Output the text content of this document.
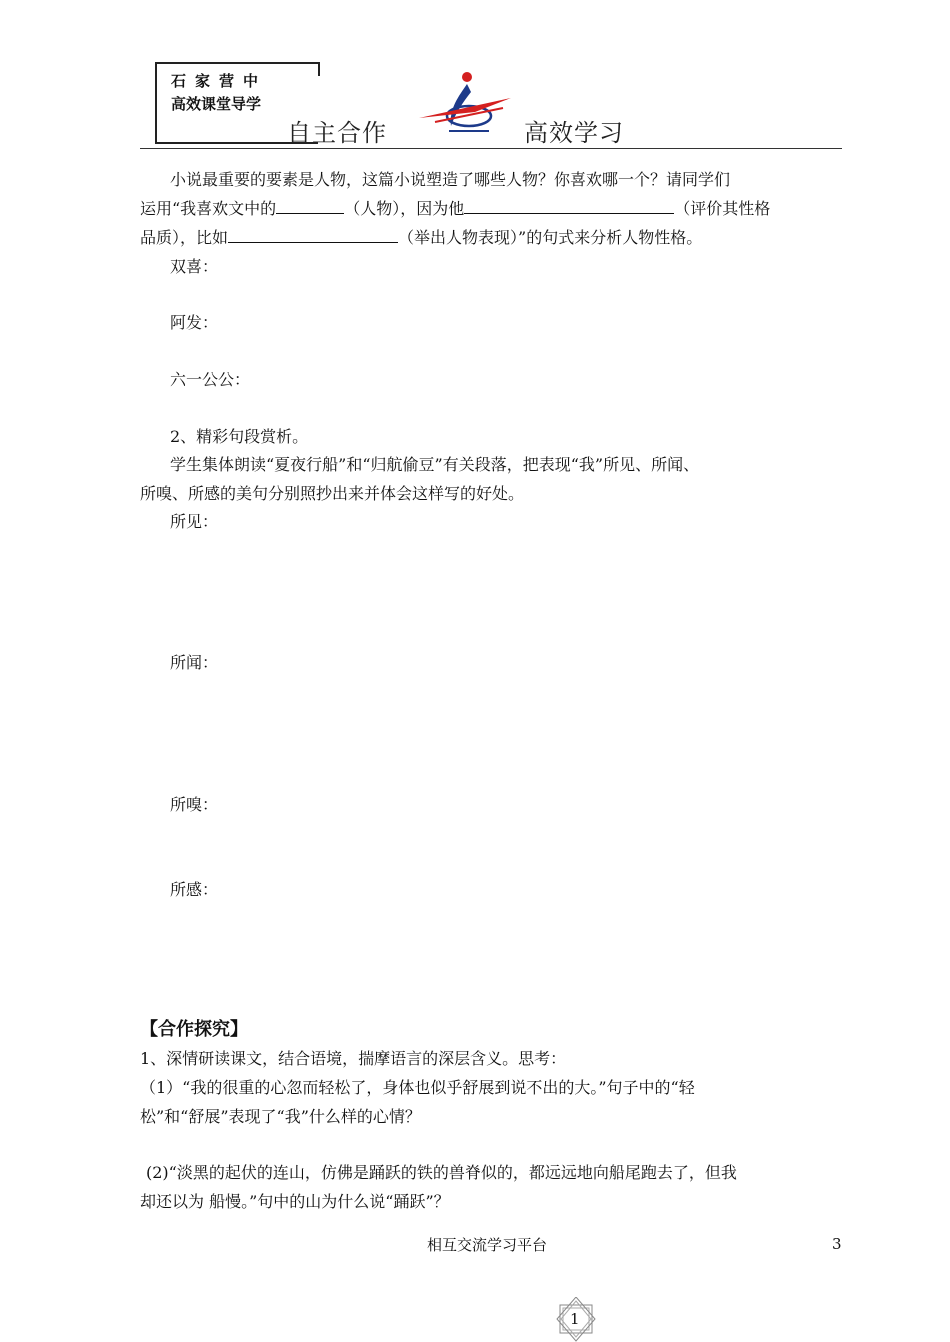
石家营中
高效课堂导学
自主合作	高效学习
小说最重要的要素是人物，这篇小说塑造了哪些人物？你喜欢哪一个？请同学们
运用“我喜欢文中的	（人物），因为他	（评价其性格
品质），比如	（举出人物表现）”的句式来分析人物性格。
双喜：
阿发：
六一公公：
2、精彩句段赏析。
学生集体朗读“夏夜行船”和“归航偷豆”有关段落，把表现“我”所见、所闻、
所嗅、所感的美句分别照抄出来并体会这样写的好处。
所见：
所闻：
所嗅：
所感：
【合作探究】
1、深情研读课文，结合语境，揣摩语言的深层含义。思考：
（1）“我的很重的心忽而轻松了，身体也似乎舒展到说不出的大。”句子中的“轻
松”和“舒展”表现了“我”什么样的心情？
(2)“淡黑的起伏的连山，仿佛是踊跃的铁的兽脊似的，都远远地向船尾跑去了，但我
却还以为 船慢。”句中的山为什么说“踊跃”？
相互交流学习平台	3
1
